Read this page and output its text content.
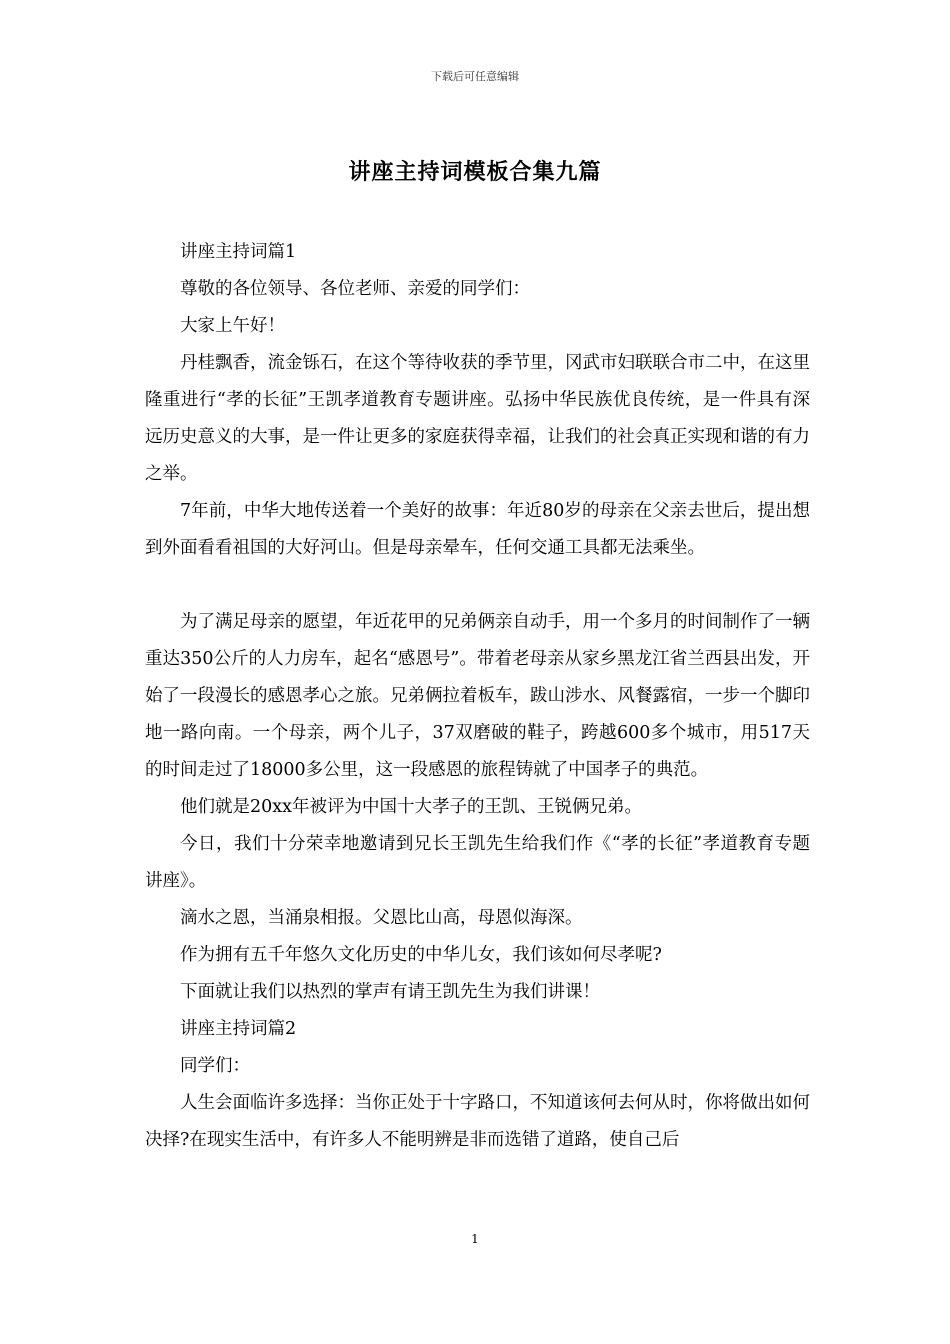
下载后可任意编辑
讲座主持词模板合集九篇

讲座主持词篇1

尊敬的各位领导、各位老师、亲爱的同学们：

大家上午好！

丹桂飘香，流金铄石，在这个等待收获的季节里，冈武市妇联联合市二中，在这里隆重进行“孝的长征”王凯孝道教育专题讲座。弘扬中华民族优良传统，是一件具有深远历史意义的大事，是一件让更多的家庭获得幸福，让我们的社会真正实现和谐的有力之举。

7年前，中华大地传送着一个美好的故事：年近80岁的母亲在父亲去世后，提出想到外面看看祖国的大好河山。但是母亲晕车，任何交通工具都无法乘坐。

为了满足母亲的愿望，年近花甲的兄弟俩亲自动手，用一个多月的时间制作了一辆重达350公斤的人力房车，起名“感恩号”。带着老母亲从家乡黑龙江省兰西县出发，开始了一段漫长的感恩孝心之旅。兄弟俩拉着板车，跋山涉水、风餐露宿，一步一个脚印地一路向南。一个母亲，两个儿子，37双磨破的鞋子，跨越600多个城市，用517天的时间走过了18000多公里，这一段感恩的旅程铸就了中国孝子的典范。

他们就是20xx年被评为中国十大孝子的王凯、王锐俩兄弟。

今日，我们十分荣幸地邀请到兄长王凯先生给我们作《“孝的长征”孝道教育专题讲座》。

滴水之恩，当涌泉相报。父恩比山高，母恩似海深。

作为拥有五千年悠久文化历史的中华儿女，我们该如何尽孝呢?

下面就让我们以热烈的掌声有请王凯先生为我们讲课！

讲座主持词篇2

同学们：

人生会面临许多选择：当你正处于十字路口，不知道该何去何从时，你将做出如何决择?在现实生活中，有许多人不能明辨是非而选错了道路，使自己后

1
